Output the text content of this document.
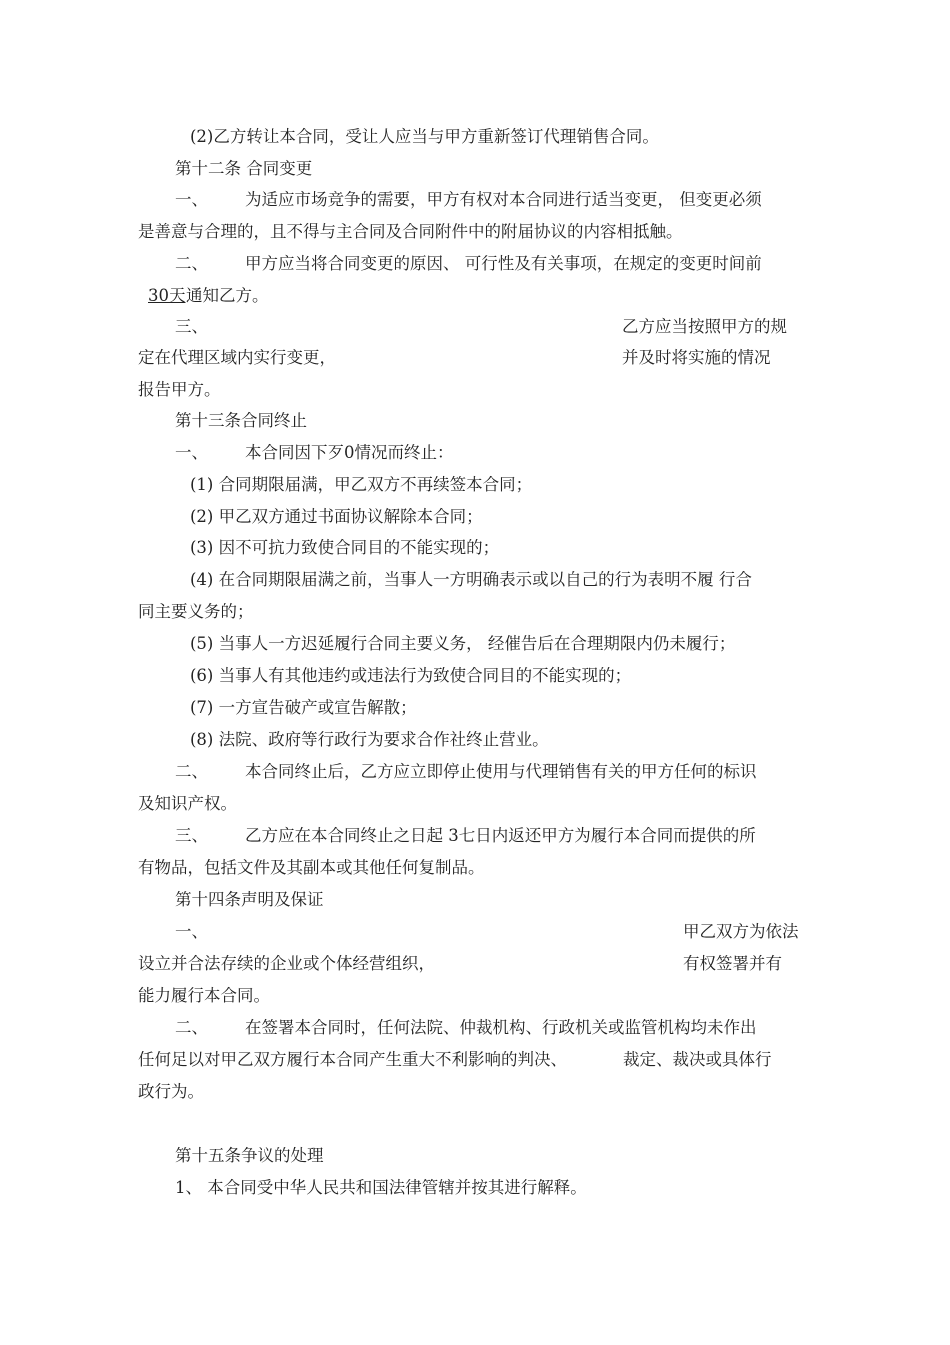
(2)乙方转让本合同，受让人应当与甲方重新签订代理销售合同。
第十二条 合同变更
一、 为适应市场竞争的需要，甲方有权对本合同进行适当变更， 但变更必须
是善意与合理的，且不得与主合同及合同附件中的附届协议的内容相抵触。
二、 甲方应当将合同变更的原因、 可行性及有关事项，在规定的变更时间前
30天 通知乙方。
三、	乙方应当按照甲方的规
定在代理区域内实行变更，	并及时将实施的情况
报告甲方。
第十三条合同终止
一、 本合同因下歹0情况而终止：
(1) 合同期限届满，甲乙双方不再续签本合同；
(2) 甲乙双方通过书面协议解除本合同；
(3) 因不可抗力致使合同目的不能实现的；
(4) 在合同期限届满之前，当事人一方明确表示或以自己的行为表明不履 行合
同主要义务的；
(5) 当事人一方迟延履行合同主要义务， 经催告后在合理期限内仍未履行；
(6) 当事人有其他违约或违法行为致使合同目的不能实现的；
(7) 一方宣告破产或宣告解散；
(8) 法院、政府等行政行为要求合作社终止营业。
二、 本合同终止后，乙方应立即停止使用与代理销售有关的甲方任何的标识
及知识产权。
三、 乙方应在本合同终止之日起 3七日内返还甲方为履行本合同而提供的所
有物品，包括文件及其副本或其他任何复制品。
第十四条声明及保证
一、	甲乙双方为依法
设立并合法存续的企业或个体经营组织，	有权签署并有
能力履行本合同。
二、 在签署本合同时，任何法院、仲裁机构、行政机关或监管机构均未作出
任何足以对甲乙双方履行本合同产生重大不利影响的判决、	裁定、裁决或具体行
政行为。
第十五条争议的处理
1、 本合同受中华人民共和国法律管辖并按其进行解释。
